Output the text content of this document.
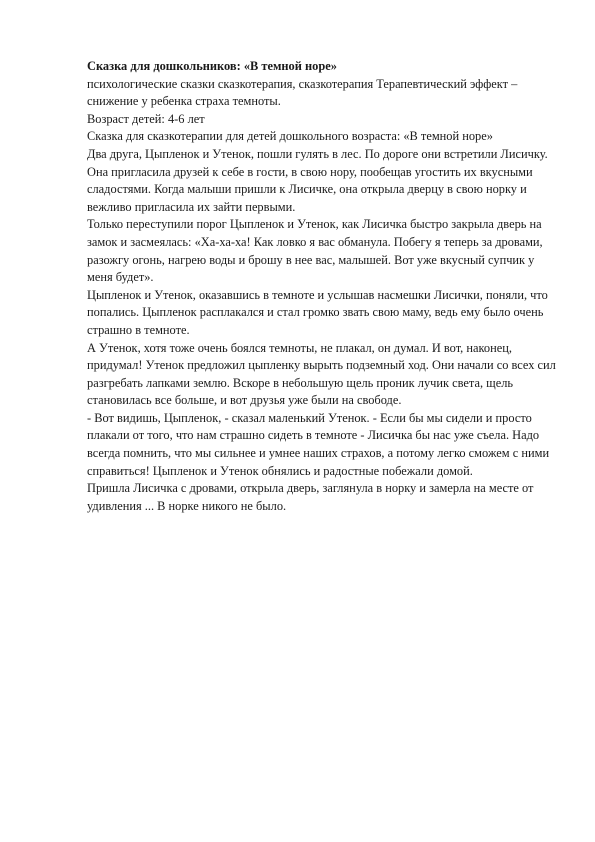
Сказка для дошкольников: «В темной норе»

психологические сказки сказкотерапия, сказкотерапия Терапевтический эффект – снижение у ребенка страха темноты.

Возраст детей: 4-6 лет

Сказка для сказкотерапии для детей дошкольного возраста: «В темной норе»

Два друга, Цыпленок и Утенок, пошли гулять в лес. По дороге они встретили Лисичку. Она пригласила друзей к себе в гости, в свою нору, пообещав угостить их вкусными сладостями. Когда малыши пришли к Лисичке, она открыла дверцу в свою норку и вежливо пригласила их зайти первыми.

Только переступили порог Цыпленок и Утенок, как Лисичка быстро закрыла дверь на замок и засмеялась: «Ха-ха-ха! Как ловко я вас обманула. Побегу я теперь за дровами, разожгу огонь, нагрею воды и брошу в нее вас, малышей. Вот уже вкусный супчик у меня будет».

Цыпленок и Утенок, оказавшись в темноте и услышав насмешки Лисички, поняли, что попались. Цыпленок расплакался и стал громко звать свою маму, ведь ему было очень страшно в темноте.

А Утенок, хотя тоже очень боялся темноты, не плакал, он думал. И вот, наконец, придумал! Утенок предложил цыпленку вырыть подземный ход. Они начали со всех сил разгребать лапками землю. Вскоре в небольшую щель проник лучик света, щель становилась все больше, и вот друзья уже были на свободе.

- Вот видишь, Цыпленок, - сказал маленький Утенок. - Если бы мы сидели и просто плакали от того, что нам страшно сидеть в темноте - Лисичка бы нас уже съела. Надо всегда помнить, что мы сильнее и умнее наших страхов, а потому легко сможем с ними справиться! Цыпленок и Утенок обнялись и радостные побежали домой.

Пришла Лисичка с дровами, открыла дверь, заглянула в норку и замерла на месте от удивления ... В норке никого не было.
